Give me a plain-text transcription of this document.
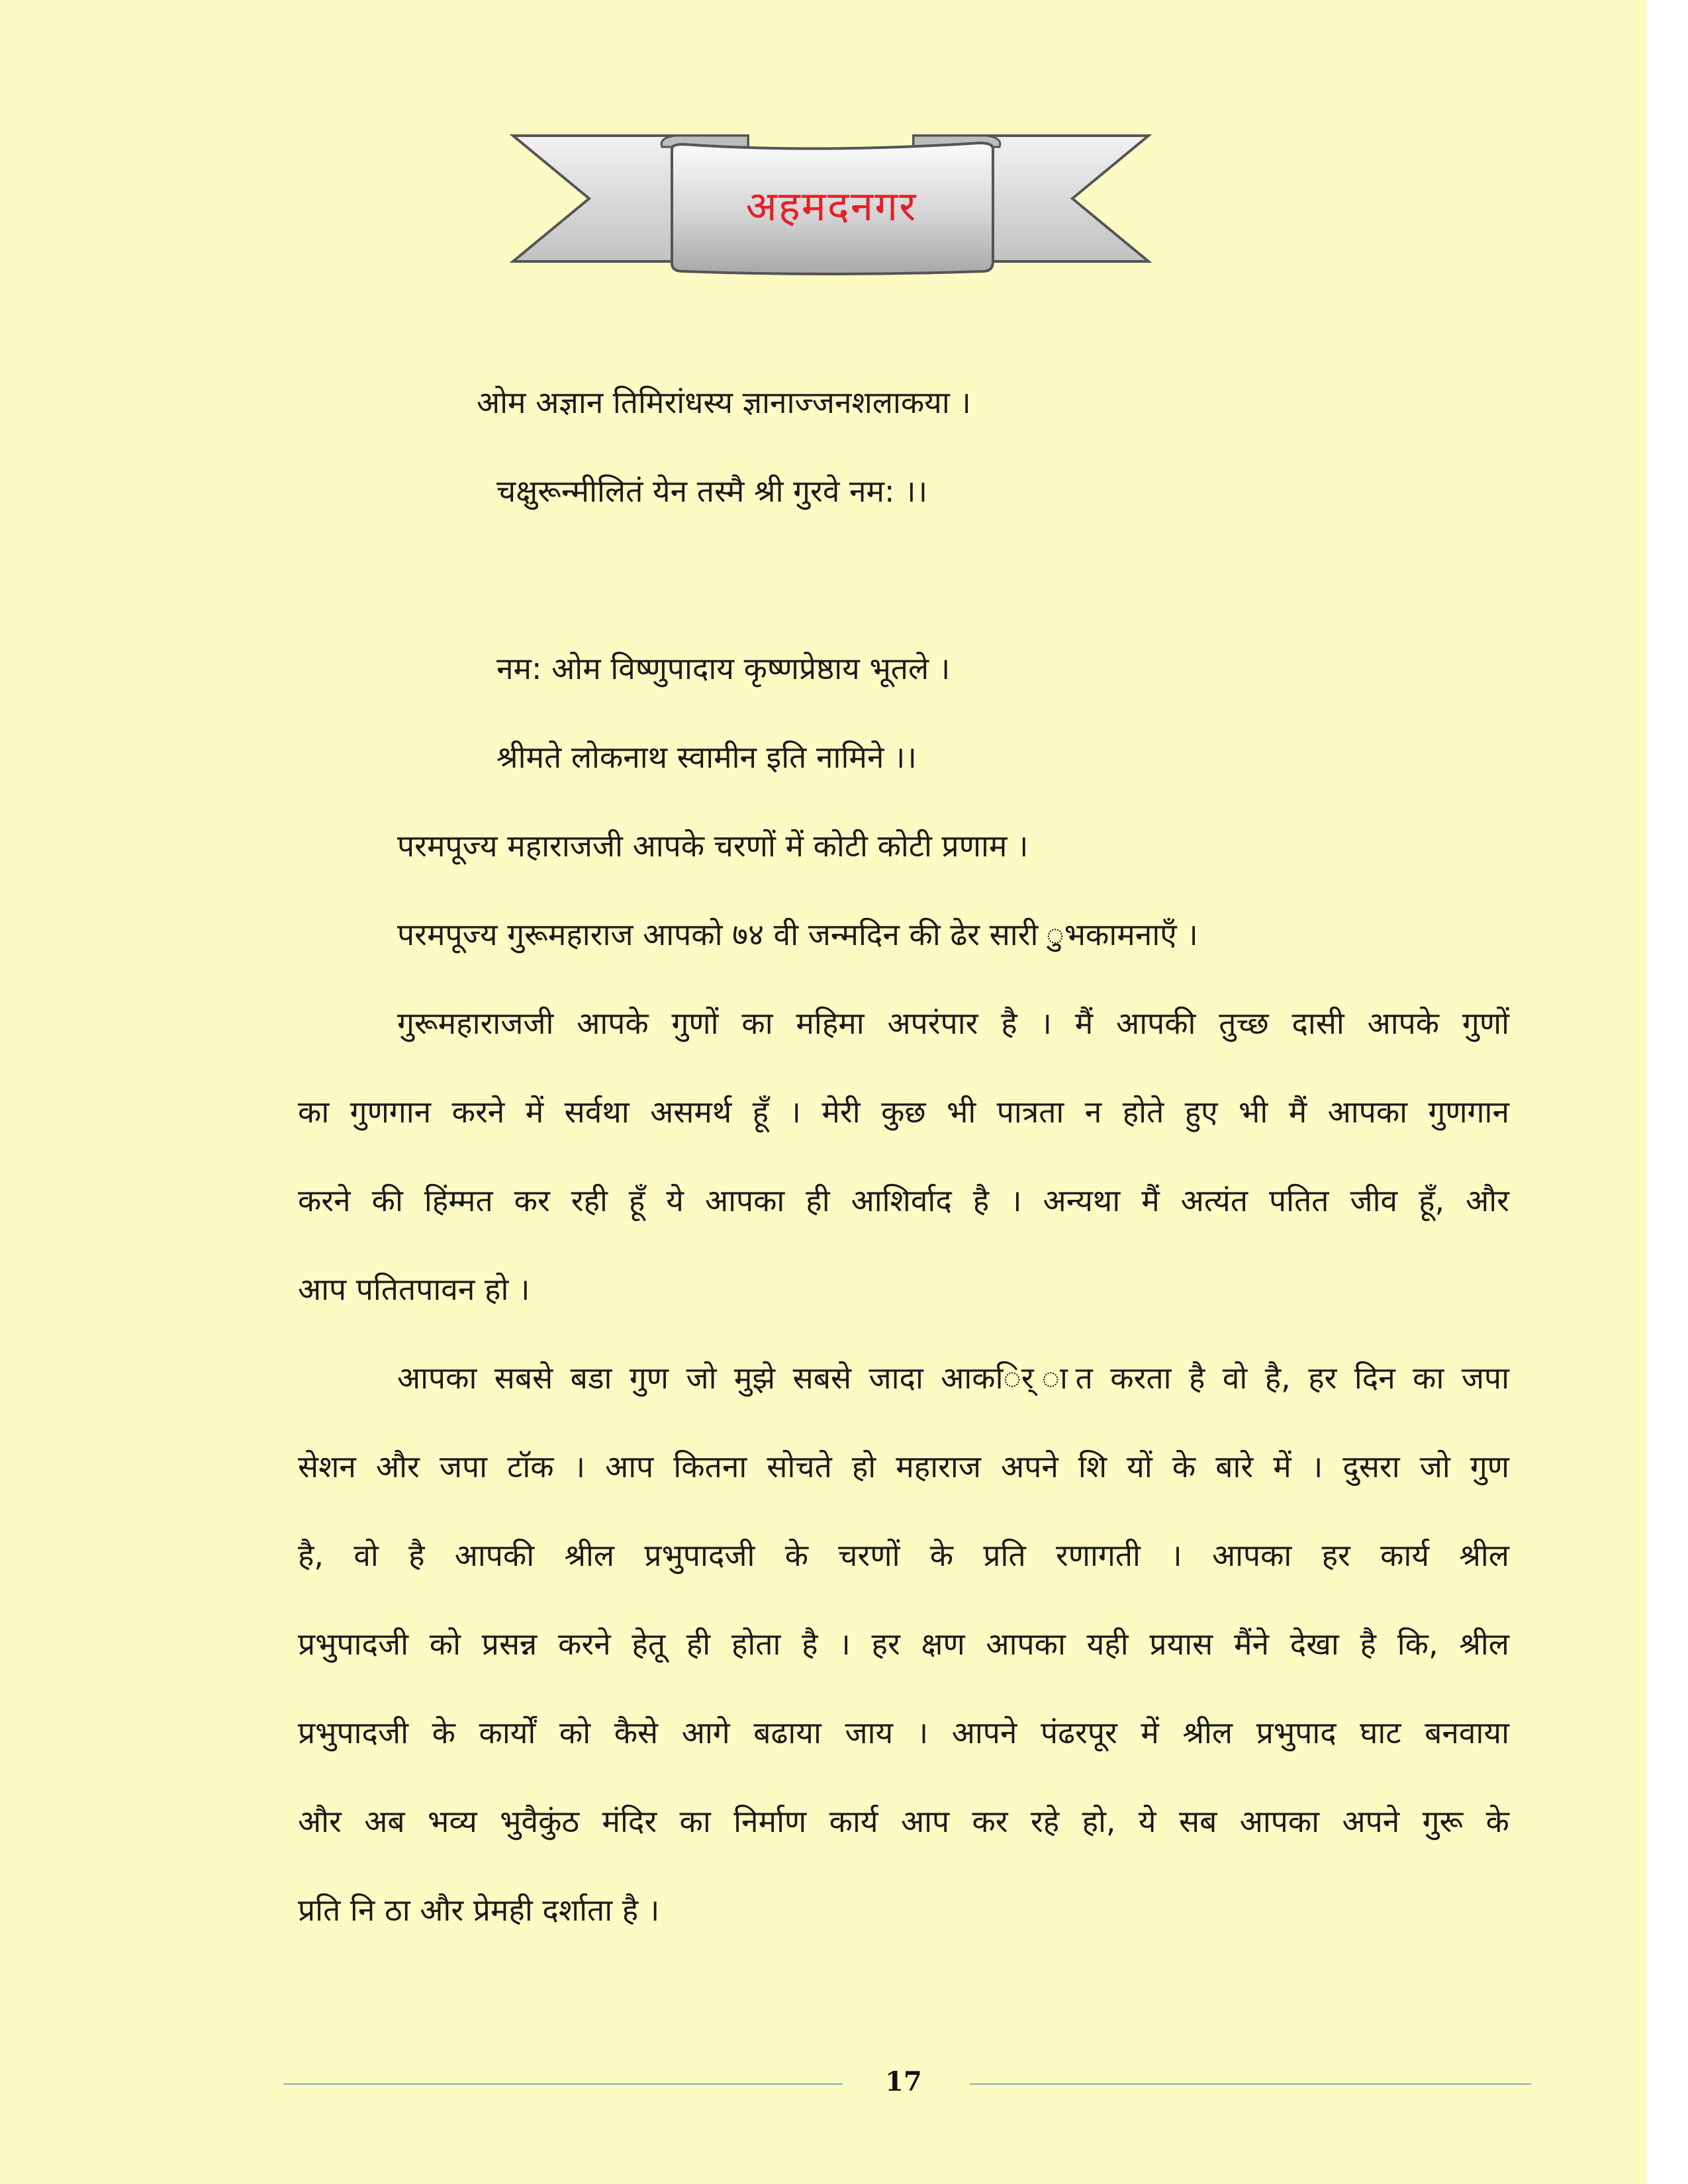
अहमदनगर
ओम अज्ञान तिमिरांधस्य ज्ञानाज्जनशलाकया ।
चक्षुरून्मीलितं येन तस्मै श्री गुरवे नम: ।।
नम: ओम विष्णुपादाय कृष्णप्रेष्ठाय भूतले ।
श्रीमते लोकनाथ स्वामीन इति नामिने ।।
परमपूज्य महाराजजी आपके चरणों में कोटी कोटी प्रणाम ।
परमपूज्य गुरूमहाराज आपको ७४ वी जन्मदिन की ढेर सारी ुभकामनाऍं ।
गुरूमहाराजजी आपके गुणों का महिमा अपरंपार है । मैं आपकी तुच्छ दासी आपके गुणों
का गुणगान करने में सर्वथा असमर्थ हूॅं । मेरी कुछ भी पात्रता न होते हुए भी मैं आपका गुणगान
करने की हिंम्मत कर रही हूॅं ये आपका ही आशिर्वाद है । अन्यथा मैं अत्यंत पतित जीव हूॅं, और
आप पतितपावन हो ।
आपका सबसे बडा गुण जो मुझे सबसे जादा आकर्ि ात करता है वो है, हर दिन का जपा
सेशन और जपा टॉक । आप कितना सोचते हो महाराज अपने शि यों के बारे में । दुसरा जो गुण
है, वो है आपकी श्रील प्रभुपादजी के चरणों के प्रति रणागती । आपका हर कार्य श्रील
प्रभुपादजी को प्रसन्न करने हेतू ही होता है । हर क्षण आपका यही प्रयास मैंने देखा है कि, श्रील
प्रभुपादजी के कार्यों को कैसे आगे बढाया जाय । आपने पंढरपूर में श्रील प्रभुपाद घाट बनवाया
और अब भव्य भुवैकुंठ मंदिर का निर्माण कार्य आप कर रहे हो, ये सब आपका अपने गुरू के
प्रति नि ठा और प्रेमही दर्शाता है ।
17
